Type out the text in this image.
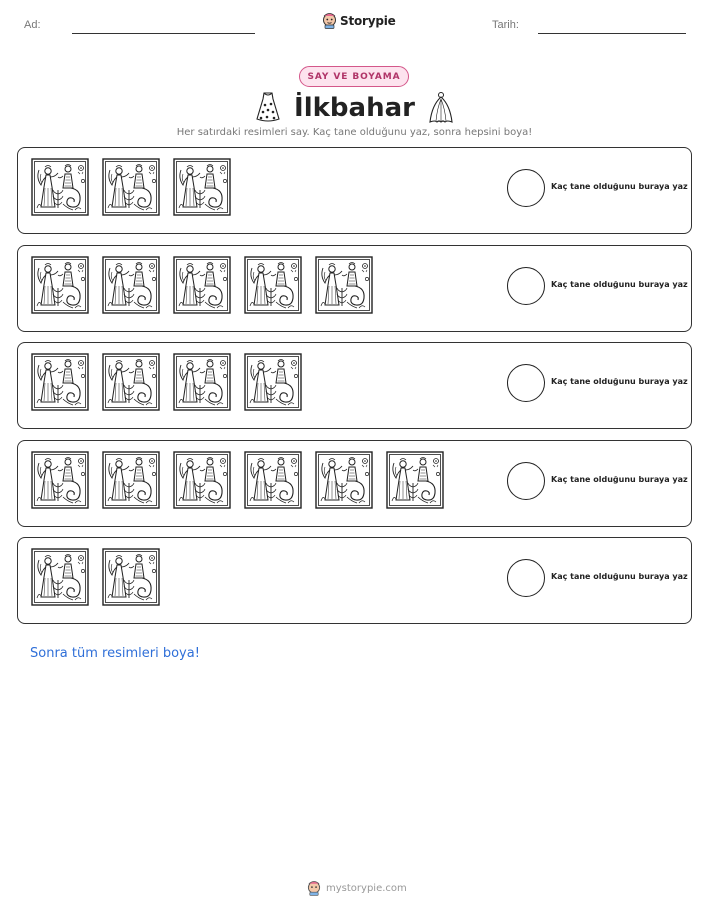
Ad:	Storypie	Tarih:
SAY VE BOYAMA
İlkbahar
Her satırdaki resimleri say. Kaç tane olduğunu yaz, sonra hepsini boya!
Kaç tane olduğunu buraya yaz
Kaç tane olduğunu buraya yaz
Kaç tane olduğunu buraya yaz
Kaç tane olduğunu buraya yaz
Kaç tane olduğunu buraya yaz
Sonra tüm resimleri boya!
mystorypie.com
